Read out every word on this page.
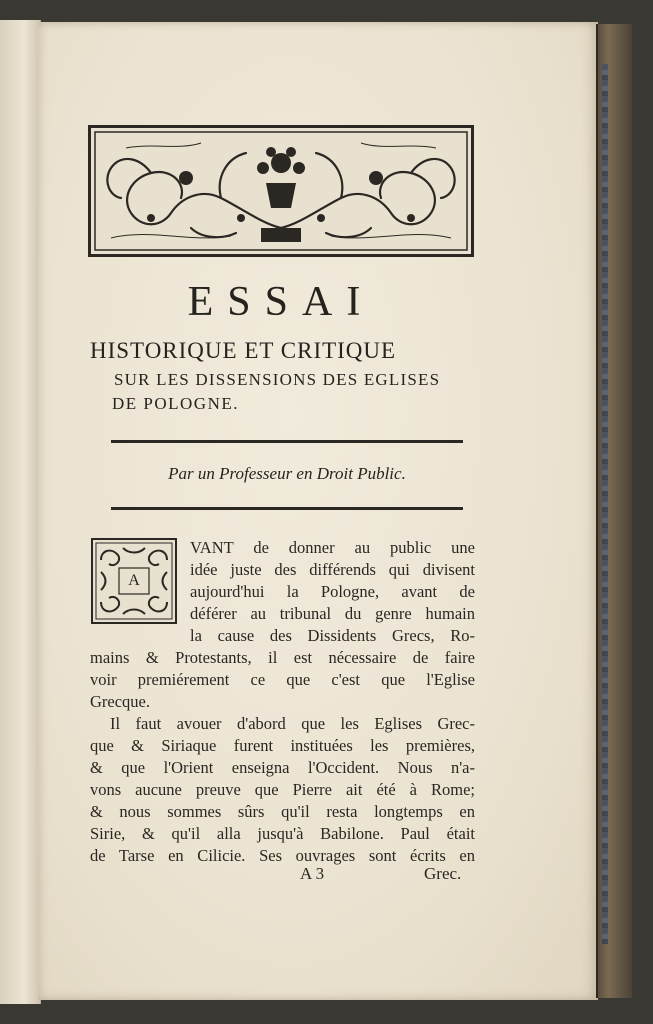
ESSAI
HISTORIQUE ET CRITIQUE
SUR LES DISSENSIONS DES EGLISES
DE POLOGNE.
Par un Professeur en Droit Public.
A
VANT de donner au public une
idée juste des différends qui divisent
aujourd'hui la Pologne, avant de
déférer au tribunal du genre humain
la cause des Dissidents Grecs, Ro-
mains & Protestants, il est nécessaire de faire
voir premiérement ce que c'est que l'Eglise
Grecque.
Il faut avouer d'abord que les Eglises Grec-
que & Siriaque furent instituées les premières,
& que l'Orient enseigna l'Occident. Nous n'a-
vons aucune preuve que Pierre ait été à Rome;
& nous sommes sûrs qu'il resta longtemps en
Sirie, & qu'il alla jusqu'à Babilone. Paul était
de Tarse en Cilicie. Ses ouvrages sont écrits en
A 3	Grec.
